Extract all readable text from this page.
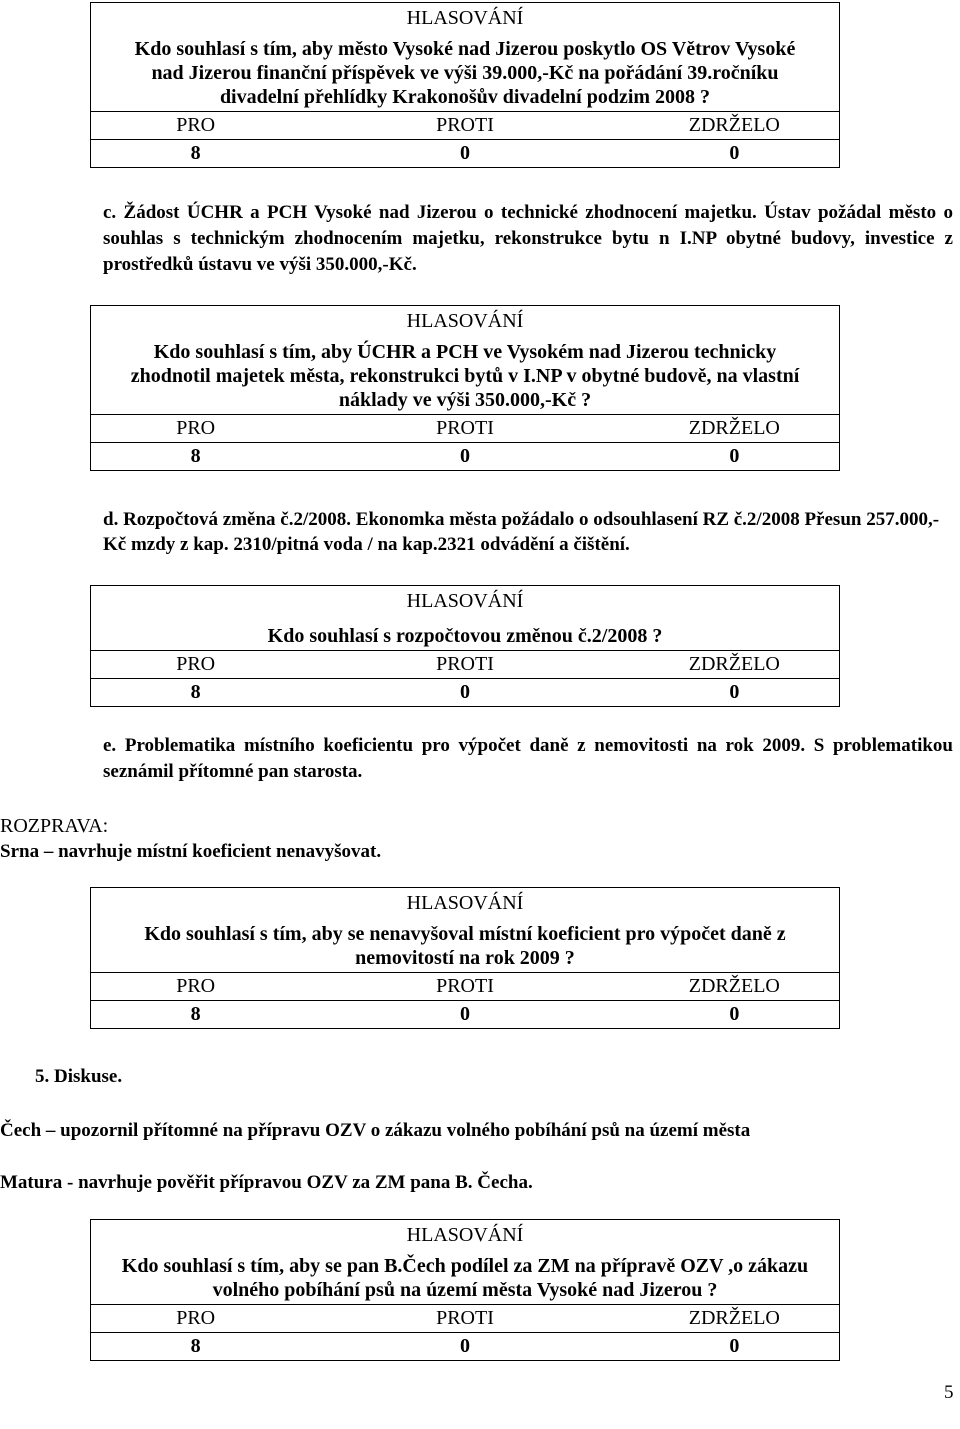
HLASOVÁNÍ
Kdo souhlasí s tím, aby město Vysoké nad Jizerou poskytlo OS Větrov Vysoké nad Jizerou finanční příspěvek ve výši 39.000,-Kč na pořádání 39.ročníku divadelní přehlídky Krakonošův divadelní podzim 2008 ?
PRO	PROTI	ZDRŽELO
8	0	0
c. Žádost ÚCHR a PCH Vysoké nad Jizerou o technické zhodnocení majetku. Ústav požádal město o souhlas s technickým zhodnocením majetku, rekonstrukce bytu n I.NP obytné budovy, investice z prostředků ústavu ve výši 350.000,-Kč.
HLASOVÁNÍ
Kdo souhlasí s tím, aby ÚCHR a PCH ve Vysokém nad Jizerou technicky zhodnotil majetek města, rekonstrukci bytů v I.NP v obytné budově, na vlastní náklady ve výši 350.000,-Kč ?
PRO	PROTI	ZDRŽELO
8	0	0
d. Rozpočtová změna č.2/2008. Ekonomka města požádalo o odsouhlasení RZ č.2/2008 Přesun 257.000,-Kč mzdy z kap. 2310/pitná voda / na kap.2321 odvádění a čištění.
HLASOVÁNÍ
Kdo souhlasí s rozpočtovou změnou č.2/2008 ?
PRO	PROTI	ZDRŽELO
8	0	0
e. Problematika místního koeficientu pro výpočet daně z nemovitosti na rok 2009. S problematikou seznámil přítomné pan starosta.
ROZPRAVA:
Srna – navrhuje místní koeficient nenavyšovat.
HLASOVÁNÍ
Kdo souhlasí s tím, aby se nenavyšoval místní koeficient pro výpočet daně z nemovitostí na rok 2009 ?
PRO	PROTI	ZDRŽELO
8	0	0
5. Diskuse.
Čech – upozornil přítomné na přípravu OZV o zákazu volného pobíhání psů na území města
Matura - navrhuje pověřit přípravou OZV za ZM pana B. Čecha.
HLASOVÁNÍ
Kdo souhlasí s tím, aby se pan B.Čech podílel za ZM na přípravě OZV ,o zákazu volného pobíhání psů na území města Vysoké nad Jizerou ?
PRO	PROTI	ZDRŽELO
8	0	0
5
